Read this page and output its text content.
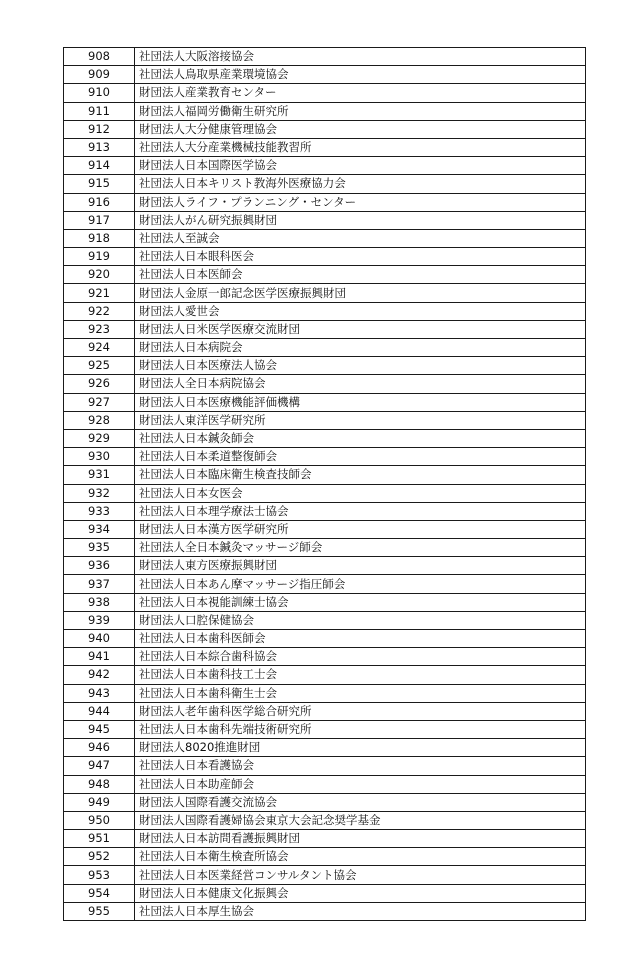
908	社団法人大阪溶接協会
909	社団法人鳥取県産業環境協会
910	財団法人産業教育センター
911	財団法人福岡労働衛生研究所
912	財団法人大分健康管理協会
913	社団法人大分産業機械技能教習所
914	財団法人日本国際医学協会
915	社団法人日本キリスト教海外医療協力会
916	財団法人ライフ・プランニング・センター
917	財団法人がん研究振興財団
918	社団法人至誠会
919	社団法人日本眼科医会
920	社団法人日本医師会
921	財団法人金原一郎記念医学医療振興財団
922	財団法人愛世会
923	財団法人日米医学医療交流財団
924	財団法人日本病院会
925	財団法人日本医療法人協会
926	財団法人全日本病院協会
927	財団法人日本医療機能評価機構
928	財団法人東洋医学研究所
929	社団法人日本鍼灸師会
930	社団法人日本柔道整復師会
931	社団法人日本臨床衛生検査技師会
932	社団法人日本女医会
933	社団法人日本理学療法士協会
934	財団法人日本漢方医学研究所
935	社団法人全日本鍼灸マッサージ師会
936	財団法人東方医療振興財団
937	社団法人日本あん摩マッサージ指圧師会
938	社団法人日本視能訓練士協会
939	財団法人口腔保健協会
940	社団法人日本歯科医師会
941	社団法人日本綜合歯科協会
942	社団法人日本歯科技工士会
943	社団法人日本歯科衛生士会
944	財団法人老年歯科医学総合研究所
945	社団法人日本歯科先端技術研究所
946	財団法人8020推進財団
947	社団法人日本看護協会
948	社団法人日本助産師会
949	財団法人国際看護交流協会
950	財団法人国際看護婦協会東京大会記念奨学基金
951	財団法人日本訪問看護振興財団
952	社団法人日本衛生検査所協会
953	社団法人日本医業経営コンサルタント協会
954	財団法人日本健康文化振興会
955	社団法人日本厚生協会
